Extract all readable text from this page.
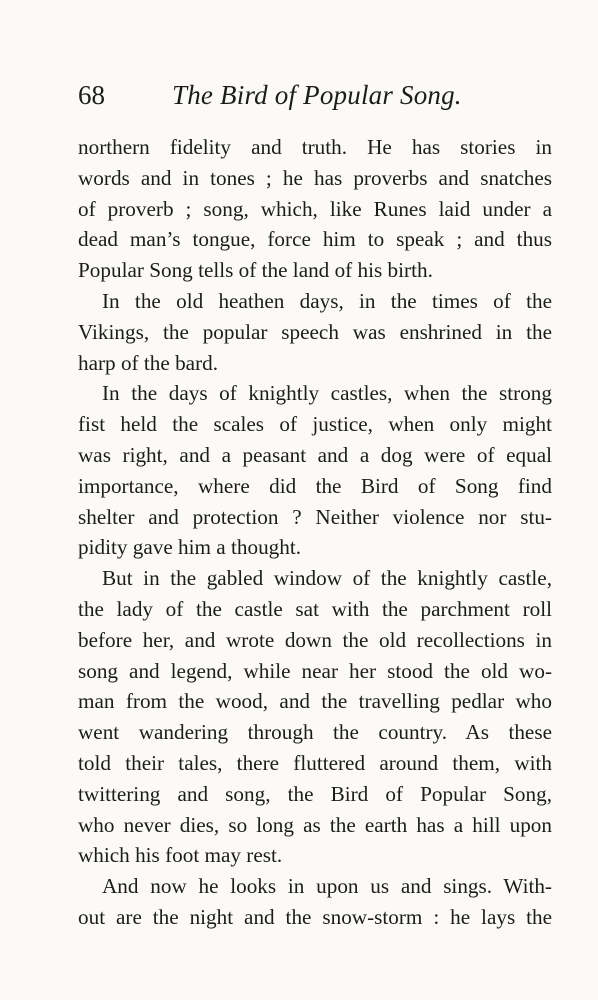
68 The Bird of Popular Song.
northern fidelity and truth. He has stories in
words and in tones ; he has proverbs and snatches
of proverb ; song, which, like Runes laid under a
dead man’s tongue, force him to speak ; and thus
Popular Song tells of the land of his birth.
In the old heathen days, in the times of the
Vikings, the popular speech was enshrined in the
harp of the bard.
In the days of knightly castles, when the strong
fist held the scales of justice, when only might
was right, and a peasant and a dog were of equal
importance, where did the Bird of Song find
shelter and protection ? Neither violence nor stu-
pidity gave him a thought.
But in the gabled window of the knightly castle,
the lady of the castle sat with the parchment roll
before her, and wrote down the old recollections in
song and legend, while near her stood the old wo-
man from the wood, and the travelling pedlar who
went wandering through the country. As these
told their tales, there fluttered around them, with
twittering and song, the Bird of Popular Song,
who never dies, so long as the earth has a hill upon
which his foot may rest.
And now he looks in upon us and sings. With-
out are the night and the snow-storm : he lays the
